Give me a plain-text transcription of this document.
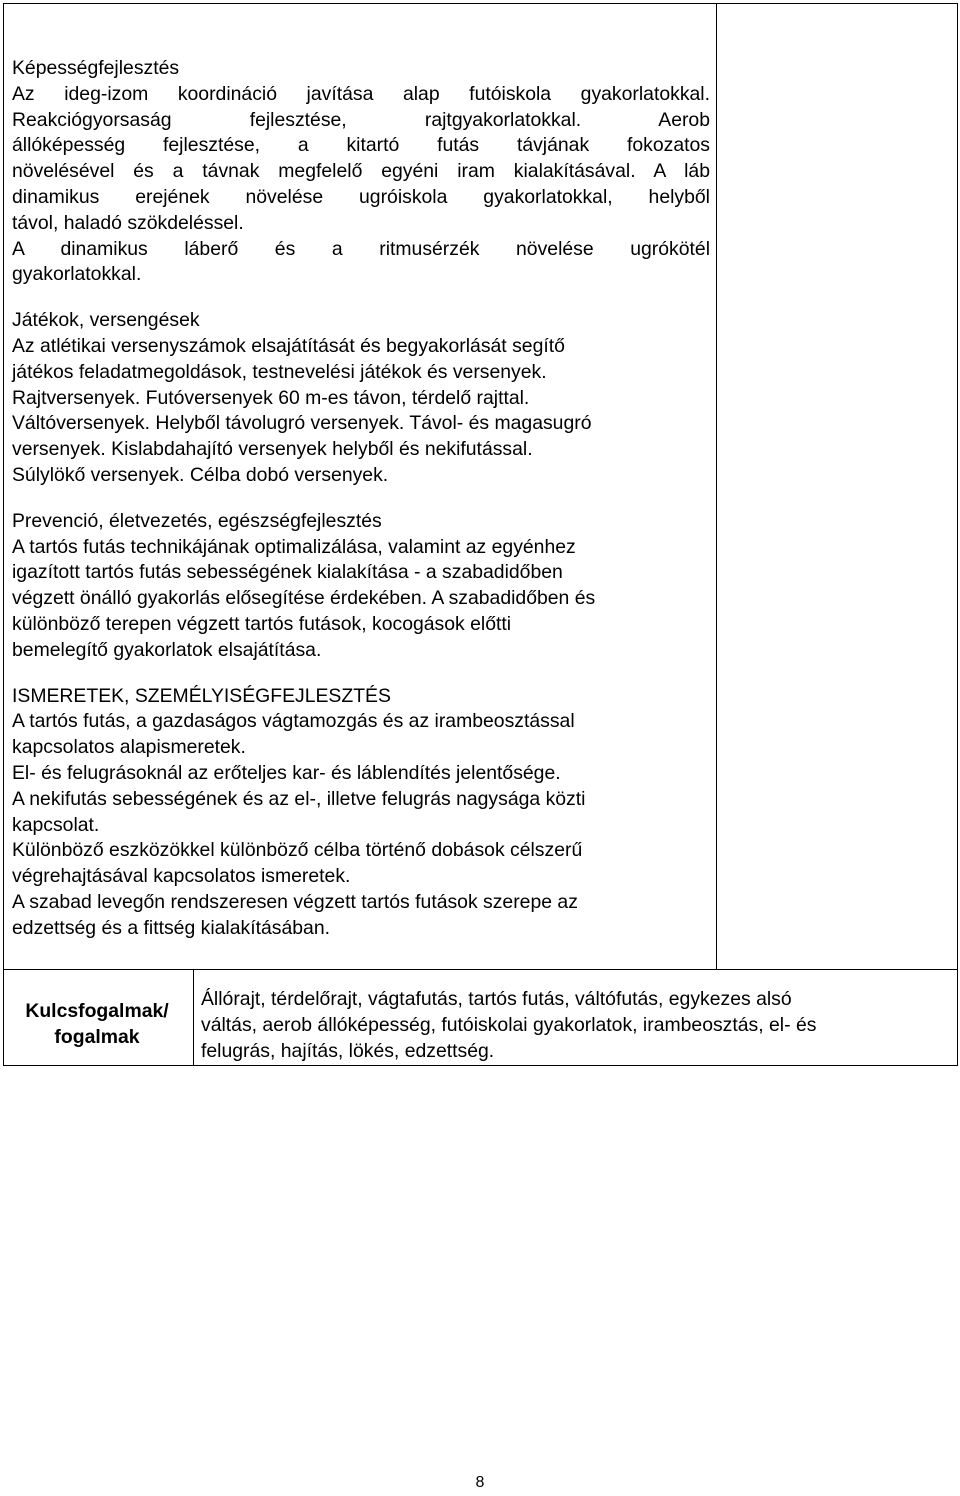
Képességfejlesztés

Az ideg-izom koordináció javítása alap futóiskola gyakorlatokkal.

Reakciógyorsaság fejlesztése, rajtgyakorlatokkal. Aerob

állóképesség fejlesztése, a kitartó futás távjának fokozatos

növelésével és a távnak megfelelő egyéni iram kialakításával. A láb

dinamikus erejének növelése ugróiskola gyakorlatokkal, helyből

távol, haladó szökdeléssel.

A dinamikus láberő és a ritmusérzék növelése ugrókötél

gyakorlatokkal.

Játékok, versengések

Az atlétikai versenyszámok elsajátítását és begyakorlását segítő

játékos feladatmegoldások, testnevelési játékok és versenyek.

Rajtversenyek. Futóversenyek 60 m-es távon, térdelő rajttal.

Váltóversenyek. Helyből távolugró versenyek. Távol- és magasugró

versenyek. Kislabdahajító versenyek helyből és nekifutással.

Súlylökő versenyek. Célba dobó versenyek.

Prevenció, életvezetés, egészségfejlesztés

A tartós futás technikájának optimalizálása, valamint az egyénhez

igazított tartós futás sebességének kialakítása - a szabadidőben

végzett önálló gyakorlás elősegítése érdekében. A szabadidőben és

különböző terepen végzett tartós futások, kocogások előtti

bemelegítő gyakorlatok elsajátítása.

ISMERETEK, SZEMÉLYISÉGFEJLESZTÉS

A tartós futás, a gazdaságos vágtamozgás és az irambeosztással

kapcsolatos alapismeretek.

El- és felugrásoknál az erőteljes kar- és láblendítés jelentősége.

A nekifutás sebességének és az el-, illetve felugrás nagysága közti

kapcsolat.

Különböző eszközökkel különböző célba történő dobások célszerű

végrehajtásával kapcsolatos ismeretek.

A szabad levegőn rendszeresen végzett tartós futások szerepe az

edzettség és a fittség kialakításában.

Kulcsfogalmak/
fogalmak
Állórajt, térdelőrajt, vágtafutás, tartós futás, váltófutás, egykezes alsó
váltás, aerob állóképesség, futóiskolai gyakorlatok, irambeosztás, el- és
felugrás, hajítás, lökés, edzettség.
8
